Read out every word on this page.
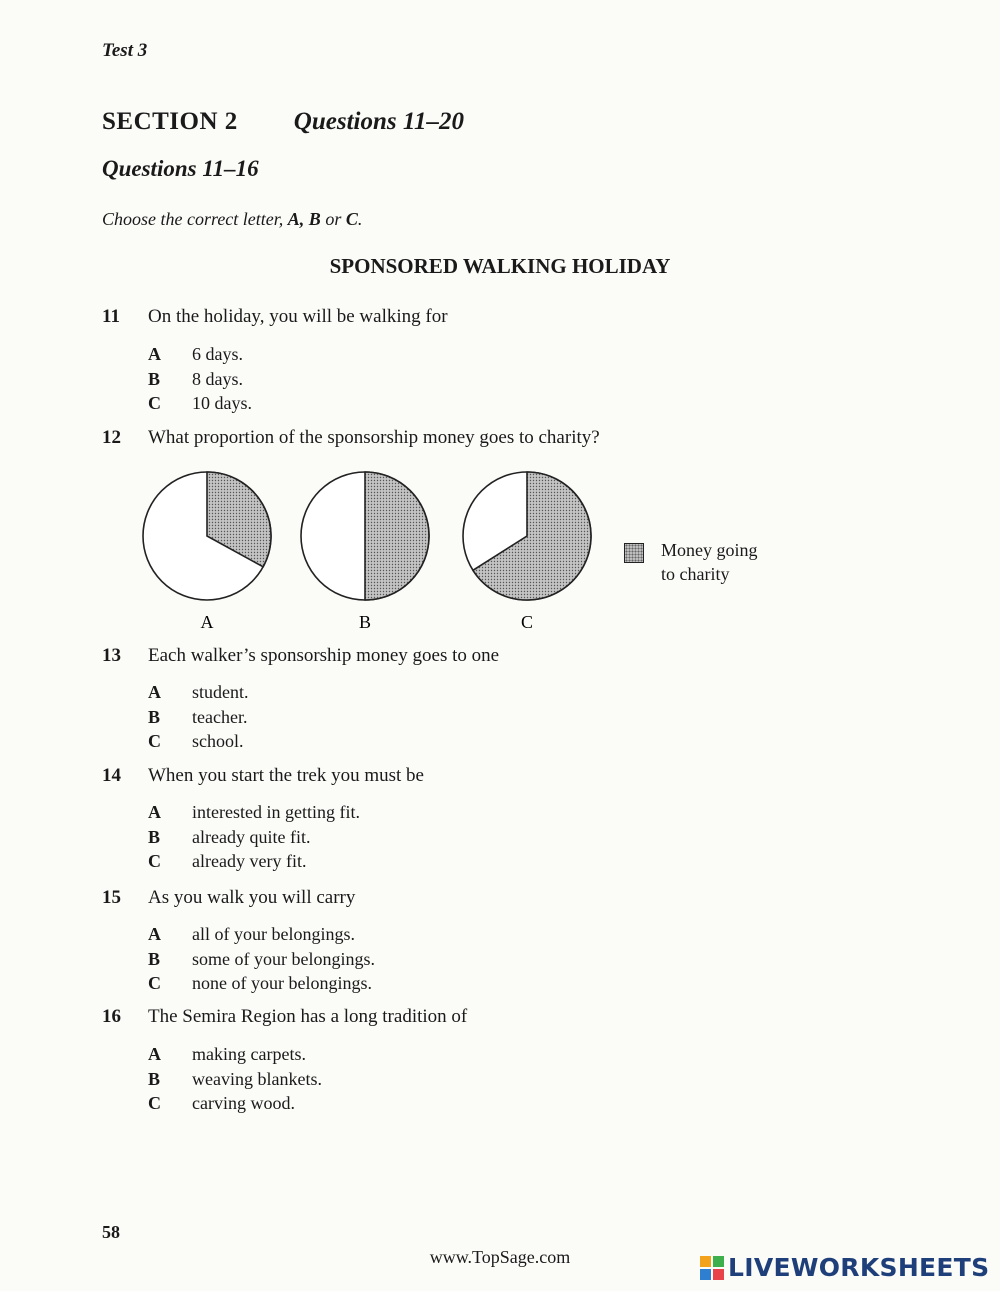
Test 3
SECTION 2 Questions 11–20
Questions 11–16
Choose the correct letter, A, B or C.
SPONSORED WALKING HOLIDAY
11 On the holiday, you will be walking for
A 6 days.
B 8 days.
C 10 days.
12 What proportion of the sponsorship money goes to charity?
A	B	C
Money going
to charity
13 Each walker’s sponsorship money goes to one
A student.
B teacher.
C school.
14 When you start the trek you must be
A interested in getting fit.
B already quite fit.
C already very fit.
15 As you walk you will carry
A all of your belongings.
B some of your belongings.
C none of your belongings.
16 The Semira Region has a long tradition of
A making carpets.
B weaving blankets.
C carving wood.
58
www.TopSage.com	LIVEWORKSHEETS
